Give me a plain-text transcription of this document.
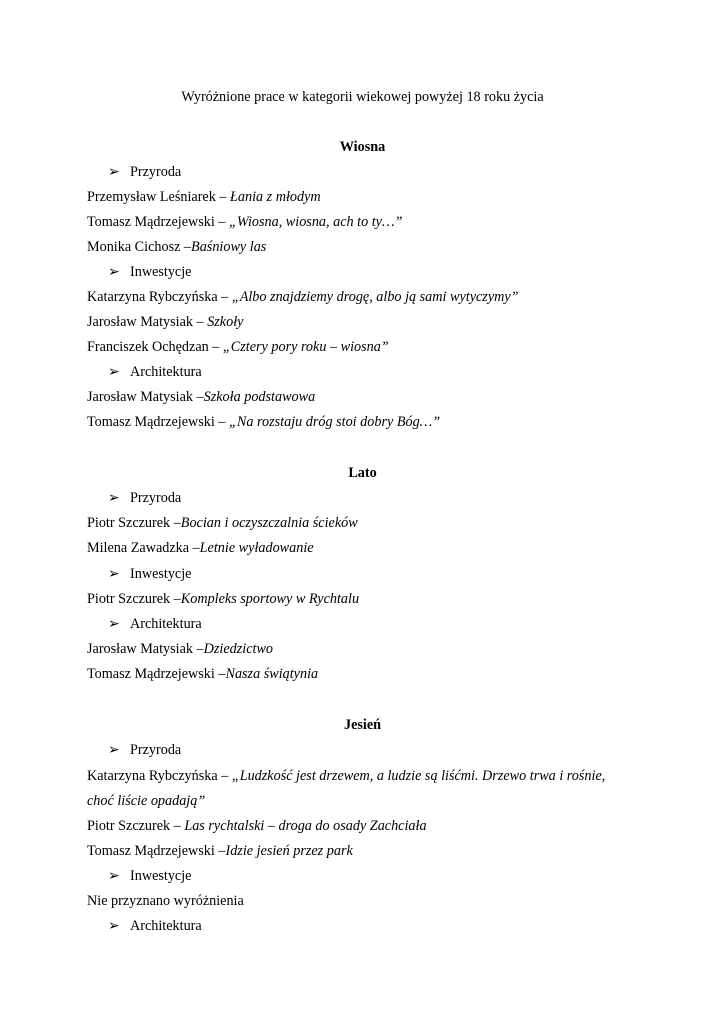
Wyróżnione prace w kategorii wiekowej powyżej 18 roku życia
Wiosna
➢ Przyroda
Przemysław Leśniarek – Łania z młodym
Tomasz Mądrzejewski – „Wiosna, wiosna, ach to ty…”
Monika Cichosz –Baśniowy las
➢ Inwestycje
Katarzyna Rybczyńska – „Albo znajdziemy drogę, albo ją sami wytyczymy”
Jarosław Matysiak – Szkoły
Franciszek Ochędzan – „Cztery pory roku – wiosna”
➢ Architektura
Jarosław Matysiak –Szkoła podstawowa
Tomasz Mądrzejewski – „Na rozstaju dróg stoi dobry Bóg…”
Lato
➢ Przyroda
Piotr Szczurek –Bocian i oczyszczalnia ścieków
Milena Zawadzka –Letnie wyładowanie
➢ Inwestycje
Piotr Szczurek –Kompleks sportowy w Rychtalu
➢ Architektura
Jarosław Matysiak –Dziedzictwo
Tomasz Mądrzejewski –Nasza świątynia
Jesień
➢ Przyroda
Katarzyna Rybczyńska – „Ludzkość jest drzewem, a ludzie są liśćmi. Drzewo trwa i rośnie,
choć liście opadają”
Piotr Szczurek – Las rychtalski – droga do osady Zachciała
Tomasz Mądrzejewski –Idzie jesień przez park
➢ Inwestycje
Nie przyznano wyróżnienia
➢ Architektura
